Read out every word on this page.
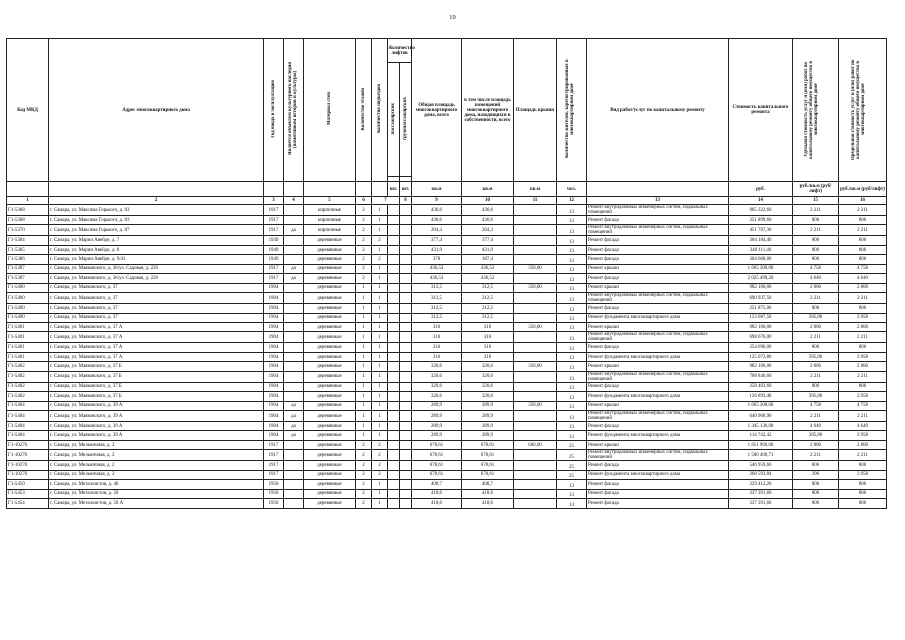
19
Код МКД	Адрес многоквартирного дома	Год ввода в эксплуатацию	Является объектом культурного наследия (памятником истории и культуры)	Материал стен	Количество этажей	Количество подъездов	Количество лифтов		Общая площадь многоквартирного дома, всего	в том числе площадь помещений многоквартирного дома, находящихся в собственности, всего	Площадь крыши	Количество жителей, зарегистрированных в многоквартирном доме	Вид работ/услуг по капитальному ремонту	Стоимость капитального ремонта	Удельная стоимость услуг и (или) работ по капитальному ремонту общего имущества в многоквартирном доме	Предельная стоимость услуг и (или) работ по капитальному ремонту общего имущества в многоквартирном доме
							пассажирских	грузопассажирских								

							шт.	шт.	кв.м	кв.м	кв.м	чел.		руб.	руб./кв.м (руб/лифт)	руб./кв.м (руб/лифт)
1	2	3	4	5	6	7		8	9	10	11	12	13	14	15	16
Г1-5368	г. Самара, ул. Максима Горького, д. 83	1917		кирпичные	2	1			436,6	436,6		13	Ремонт внутридомовых инженерных систем, подвальных помещений	965 322,60	2 211	2 211
Г1-5368	г. Самара, ул. Максима Горького, д. 83	1917		кирпичные	2	1			436,6	436,6		13	Ремонт фасада	351 899,60	806	806
Г1-5370	г. Самара, ул. Максима Горького, д. 87	1917	да	кирпичные	2	1			204,3	204,3		13	Ремонт внутридомовых инженерных систем, подвальных помещений	451 707,30	2 211	2 211
Г1-5384	г. Самара, ул. Марии Авейде, д. 7	1949		деревянные	2	2			377,4	377,4		13	Ремонт фасада	304 184,40	806	806
Г1-5385	г. Самара, ул. Марии Авейде, д. 8	1949		деревянные	2	1			431,9	431,9		13	Ремонт фасада	348 111,40	806	806
Г1-5386	г. Самара, ул. Марии Авейде, д. 9/41	1949		деревянные	2	2			378	187,4		13	Ремонт фасада	304 668,00	806	806
Г1-5387	г. Самара, ул. Маяковского, д. 36/ул. Садовая, д. 226	1917	да	деревянные	2	1			436,53	436,53	350,00	13	Ремонт крыши	1 665 300,00	4 758	4 758
Г1-5387	г. Самара, ул. Маяковского, д. 36/ул. Садовая, д. 226	1917	да	деревянные	2	1			436,53	436,53		13	Ремонт фасада	2 025 499,20	4 640	4 640
Г1-5400	г. Самара, ул. Маяковского, д. 37	1904		деревянные	1	1			312,5	312,5	350,00	13	Ремонт крыши	982 100,00	2 806	2 806
Г1-5400	г. Самара, ул. Маяковского, д. 37	1904		деревянные	1	1			312,5	312,5		13	Ремонт внутридомовых инженерных систем, подвальных помещений	690 937,50	2 211	2 211
Г1-5400	г. Самара, ул. Маяковского, д. 37	1904		деревянные	1	1			312,5	312,5		13	Ремонт фасада	251 875,00	806	806
Г1-5400	г. Самара, ул. Маяковского, д. 37	1904		деревянные	1	1			312,5	312,5		13	Ремонт фундамента многоквартирного дома	123 687,50	395,80	3 958
Г1-5401	г. Самара, ул. Маяковского, д. 37 А	1904		деревянные	1	1			316	316	350,00	13	Ремонт крыши	982 100,00	2 806	2 806
Г1-5401	г. Самара, ул. Маяковского, д. 37 А	1904		деревянные	1	1			316	316		13	Ремонт внутридомовых инженерных систем, подвальных помещений	698 676,00	2 211	2 211
Г1-5401	г. Самара, ул. Маяковского, д. 37 А	1904		деревянные	1	1			316	316		13	Ремонт фасада	254 696,00	806	806
Г1-5401	г. Самара, ул. Маяковского, д. 37 А	1904		деревянные	1	1			316	316		13	Ремонт фундамента многоквартирного дома	125 072,80	395,80	3 958
Г1-5402	г. Самара, ул. Маяковского, д. 37 Б	1904		деревянные	1	1			320,6	320,6	350,00	13	Ремонт крыши	982 100,00	2 806	2 806
Г1-5402	г. Самара, ул. Маяковского, д. 37 Б	1904		деревянные	1	1			320,6	320,6		13	Ремонт внутридомовых инженерных систем, подвальных помещений	708 846,60	2 211	2 211
Г1-5402	г. Самара, ул. Маяковского, д. 37 Б	1904		деревянные	1	1			320,6	320,6		13	Ремонт фасада	258 403,60	806	806
Г1-5402	г. Самара, ул. Маяковского, д. 37 Б	1904		деревянные	1	1			320,6	320,6		13	Ремонт фундамента многоквартирного дома	126 893,48	395,80	3 958
Г1-5404	г. Самара, ул. Маяковского, д. 39 А	1904	да	деревянные	1	1			289,9	289,9	350,00	13	Ремонт крыши	1 665 300,00	4 758	4 758
Г1-5404	г. Самара, ул. Маяковского, д. 39 А	1904	да	деревянные	1	1			289,9	289,9		13	Ремонт внутридомовых инженерных систем, подвальных помещений	640 968,90	2 211	2 211
Г1-5404	г. Самара, ул. Маяковского, д. 39 А	1904	да	деревянные	1	1			289,9	289,9		13	Ремонт фасада	1 345 136,00	4 640	4 640
Г1-5404	г. Самара, ул. Маяковского, д. 39 А	1904	да	деревянные	1	1			289,9	289,9		13	Ремонт фундамента многоквартирного дома	114 742,42	395,80	3 958
Г1-10270	г. Самара, ул. Мельничная, д. 2	1917		деревянные	2	2			678,61	678,61	660,00	25	Ремонт крыши	1 851 960,00	2 806	2 806
Г1-10270	г. Самара, ул. Мельничная, д. 2	1917		деревянные	2	2			678,61	678,61		25	Ремонт внутридомовых инженерных систем, подвальных помещений	1 500 406,71	2 211	2 211
Г1-10270	г. Самара, ул. Мельничная, д. 2	1917		деревянные	2	2			678,61	678,61		25	Ремонт фасада	546 959,66	806	806
Г1-10270	г. Самара, ул. Мельничная, д. 2	1917		деревянные	2	2			678,61	678,61		25	Ремонт фундамента многоквартирного дома	268 593,84	396	3 958
Г1-5450	г. Самара, ул. Металлистов, д. 46	1950		деревянные	2	1			408,7	408,7		13	Ремонт фасада	329 412,20	806	806
Г1-5453	г. Самара, ул. Металлистов, д. 50	1950		деревянные	2	1			418,6	418,6		13	Ремонт фасада	337 391,60	806	806
Г1-5454	г. Самара, ул. Металлистов, д. 50 А	1950		деревянные	2	1			418,6	418,6		13	Ремонт фасада	337 391,60	806	806
